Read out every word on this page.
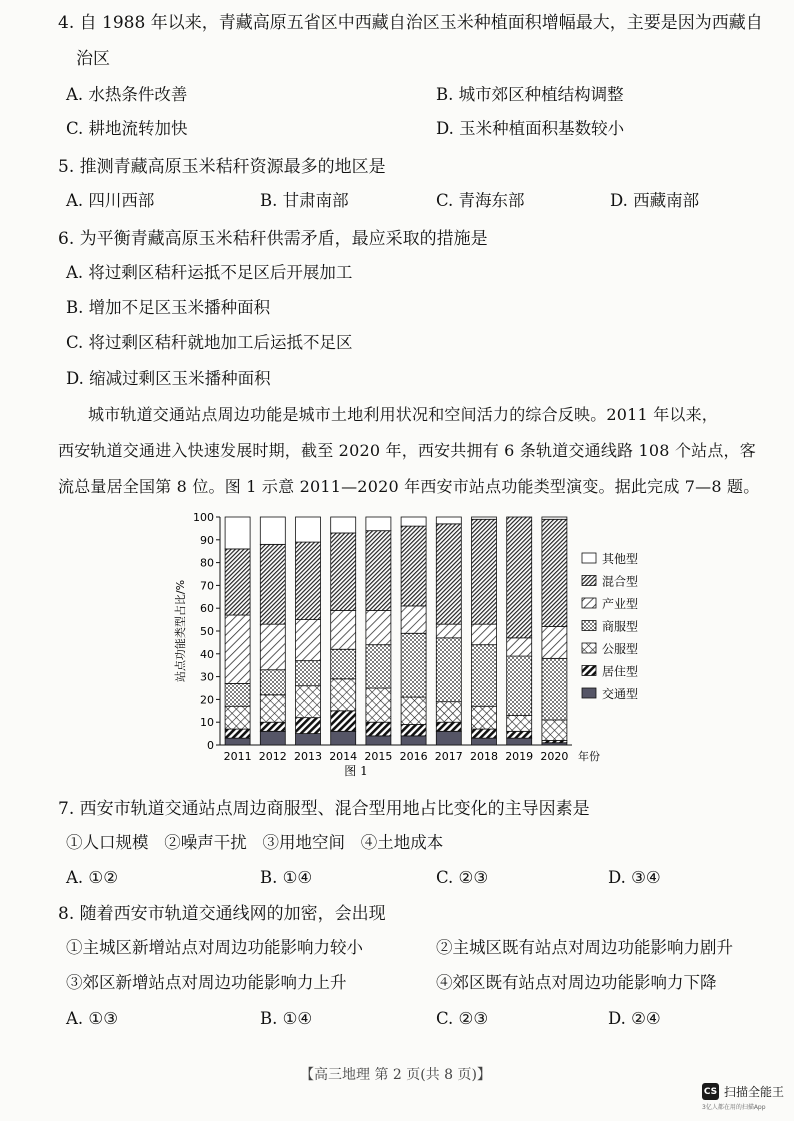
4. 自 1988 年以来，青藏高原五省区中西藏自治区玉米种植面积增幅最大，主要是因为西藏自
治区
A. 水热条件改善	B. 城市郊区种植结构调整
C. 耕地流转加快	D. 玉米种植面积基数较小
5. 推测青藏高原玉米秸秆资源最多的地区是
A. 四川西部	B. 甘肃南部	C. 青海东部	D. 西藏南部
6. 为平衡青藏高原玉米秸秆供需矛盾，最应采取的措施是
A. 将过剩区秸秆运抵不足区后开展加工
B. 增加不足区玉米播种面积
C. 将过剩区秸秆就地加工后运抵不足区
D. 缩减过剩区玉米播种面积
城市轨道交通站点周边功能是城市土地利用状况和空间活力的综合反映。2011 年以来，
西安轨道交通进入快速发展时期，截至 2020 年，西安共拥有 6 条轨道交通线路 108 个站点，客
流总量居全国第 8 位。图 1 示意 2011—2020 年西安市站点功能类型演变。据此完成 7—8 题。
0
10
20
30
40
50
60
70
80
90
100
站点功能类型占比/%
2011 2012 2013 2014 2015 2016 2017 2018 2019 2020 年份
图 1
其他型
混合型
产业型
商服型
公服型
居住型
交通型
7. 西安市轨道交通站点周边商服型、混合型用地占比变化的主导因素是
①人口规模   ②噪声干扰   ③用地空间   ④土地成本
A. ①②	B. ①④	C. ②③	D. ③④
8. 随着西安市轨道交通线网的加密，会出现
①主城区新增站点对周边功能影响力较小	②主城区既有站点对周边功能影响力剧升
③郊区新增站点对周边功能影响力上升	④郊区既有站点对周边功能影响力下降
A. ①③	B. ①④	C. ②③	D. ②④
【高三地理 第 2 页(共 8 页)】
CS 扫描全能王
3亿人都在用的扫描App
